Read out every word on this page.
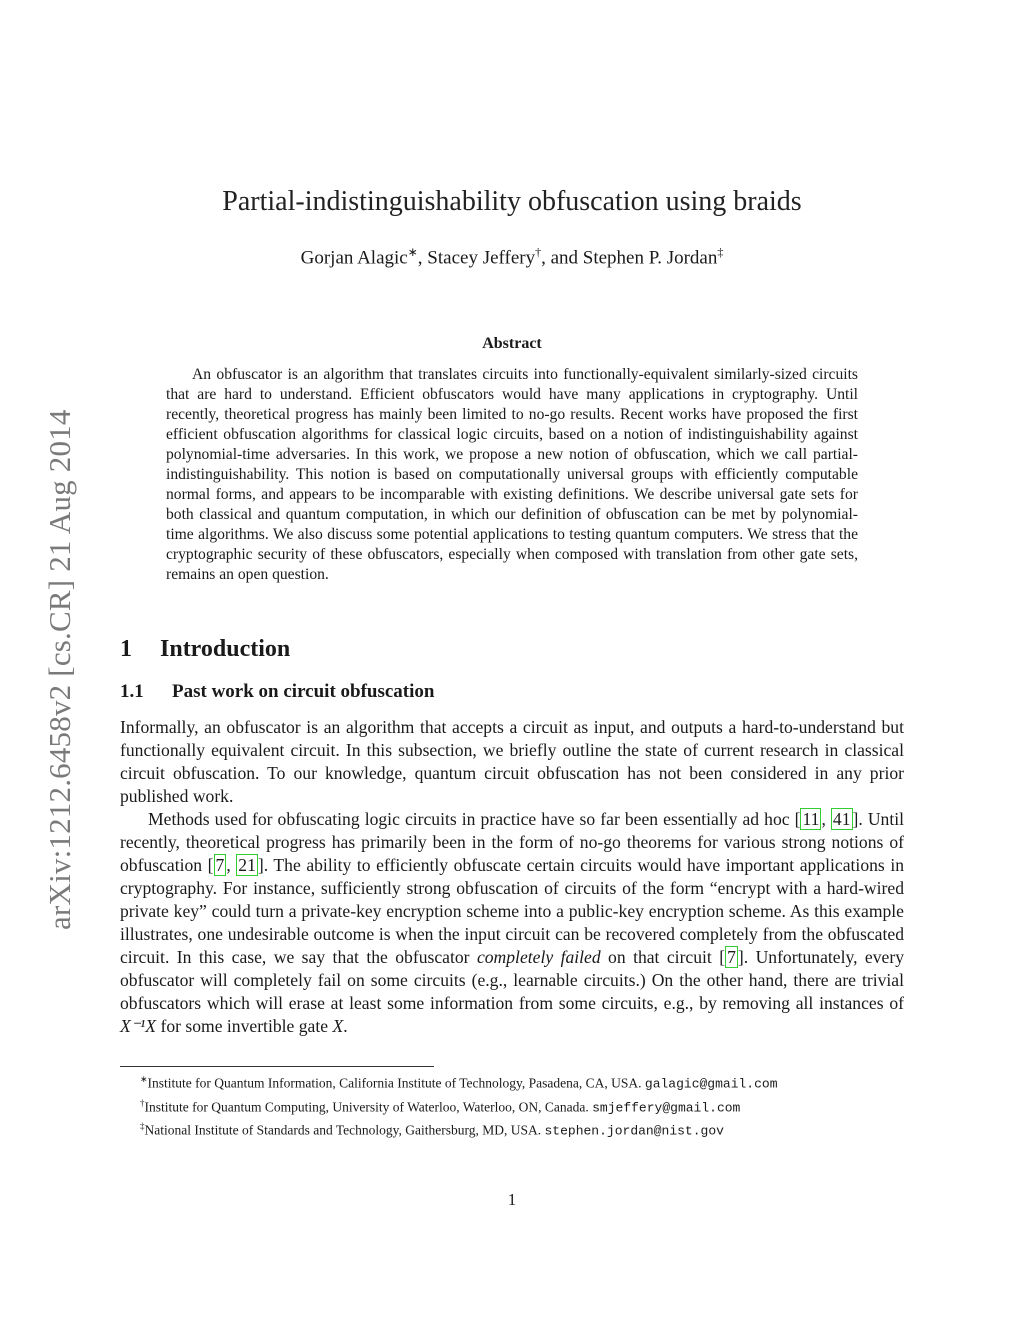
arXiv:1212.6458v2 [cs.CR] 21 Aug 2014
Partial-indistinguishability obfuscation using braids
Gorjan Alagic∗, Stacey Jeffery†, and Stephen P. Jordan‡
Abstract

An obfuscator is an algorithm that translates circuits into functionally-equivalent similarly-sized circuits that are hard to understand. Efficient obfuscators would have many applications in cryptography. Until recently, theoretical progress has mainly been limited to no-go results. Recent works have proposed the first efficient obfuscation algorithms for classical logic circuits, based on a notion of indistinguishability against polynomial-time adversaries. In this work, we propose a new notion of obfuscation, which we call partial-indistinguishability. This notion is based on computationally universal groups with efficiently computable normal forms, and appears to be incomparable with existing definitions. We describe universal gate sets for both classical and quantum computation, in which our definition of obfuscation can be met by polynomial-time algorithms. We also discuss some potential applications to testing quantum computers. We stress that the cryptographic security of these obfuscators, especially when composed with translation from other gate sets, remains an open question.

1 Introduction
1.1 Past work on circuit obfuscation

Informally, an obfuscator is an algorithm that accepts a circuit as input, and outputs a hard-to-understand but functionally equivalent circuit. In this subsection, we briefly outline the state of current research in classical circuit obfuscation. To our knowledge, quantum circuit obfuscation has not been considered in any prior published work.

Methods used for obfuscating logic circuits in practice have so far been essentially ad hoc [ 11 , 41 ]. Until recently, theoretical progress has primarily been in the form of no-go theorems for various strong notions of obfuscation [ 7 , 21 ]. The ability to efficiently obfuscate certain circuits would have important applications in cryptography. For instance, sufficiently strong obfuscation of circuits of the form “encrypt with a hard-wired private key” could turn a private-key encryption scheme into a public-key encryption scheme. As this example illustrates, one undesirable outcome is when the input circuit can be recovered completely from the obfuscated circuit. In this case, we say that the obfuscator completely failed on that circuit [ 7 ]. Unfortunately, every obfuscator will completely fail on some circuits (e.g., learnable circuits.) On the other hand, there are trivial obfuscators which will erase at least some information from some circuits, e.g., by removing all instances of X⁻¹X for some invertible gate X.

∗Institute for Quantum Information, California Institute of Technology, Pasadena, CA, USA. galagic@gmail.com
†Institute for Quantum Computing, University of Waterloo, Waterloo, ON, Canada. smjeffery@gmail.com
‡National Institute of Standards and Technology, Gaithersburg, MD, USA. stephen.jordan@nist.gov
1
